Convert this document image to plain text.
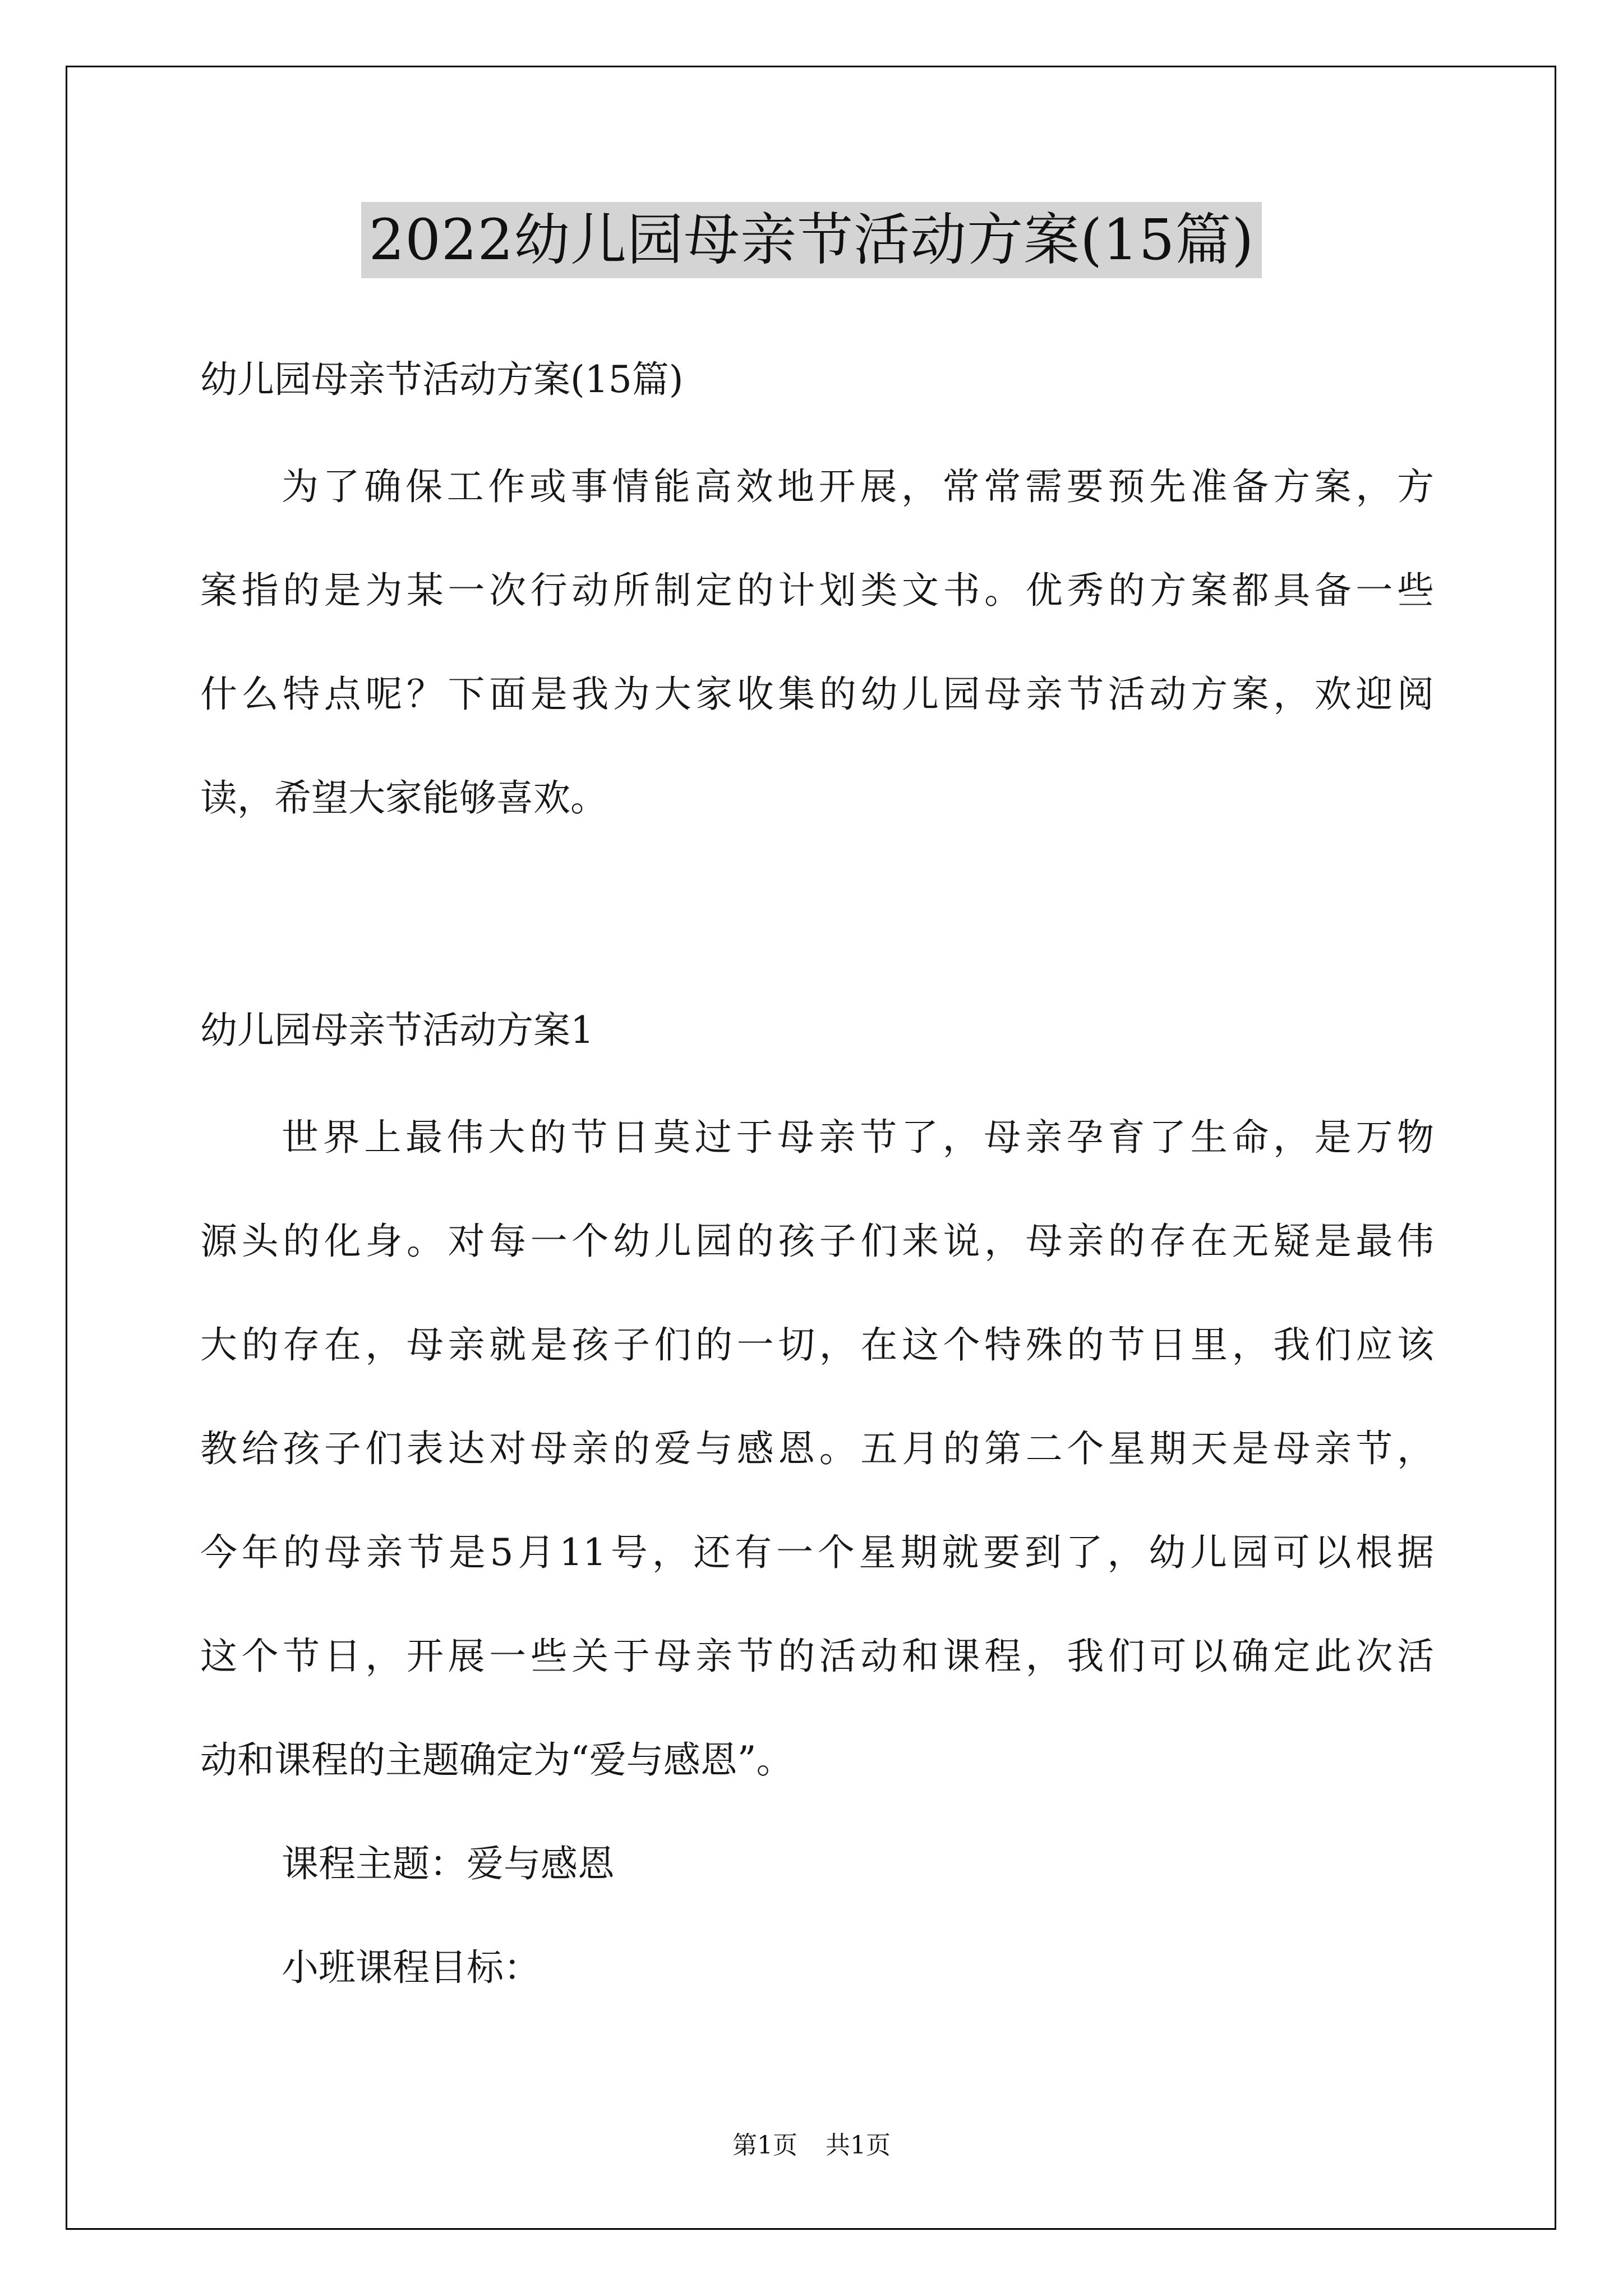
2022幼儿园母亲节活动方案(15篇)
幼儿园母亲节活动方案(15篇)
为了确保工作或事情能高效地开展，常常需要预先准备方案，方
案指的是为某一次行动所制定的计划类文书。优秀的方案都具备一些
什么特点呢？下面是我为大家收集的幼儿园母亲节活动方案，欢迎阅
读，希望大家能够喜欢。
幼儿园母亲节活动方案1
世界上最伟大的节日莫过于母亲节了，母亲孕育了生命，是万物
源头的化身。对每一个幼儿园的孩子们来说，母亲的存在无疑是最伟
大的存在，母亲就是孩子们的一切，在这个特殊的节日里，我们应该
教给孩子们表达对母亲的爱与感恩。五月的第二个星期天是母亲节，
今年的母亲节是5月11号，还有一个星期就要到了，幼儿园可以根据
这个节日，开展一些关于母亲节的活动和课程，我们可以确定此次活
动和课程的主题确定为“爱与感恩”。
课程主题：爱与感恩
小班课程目标：
第1页 共1页
